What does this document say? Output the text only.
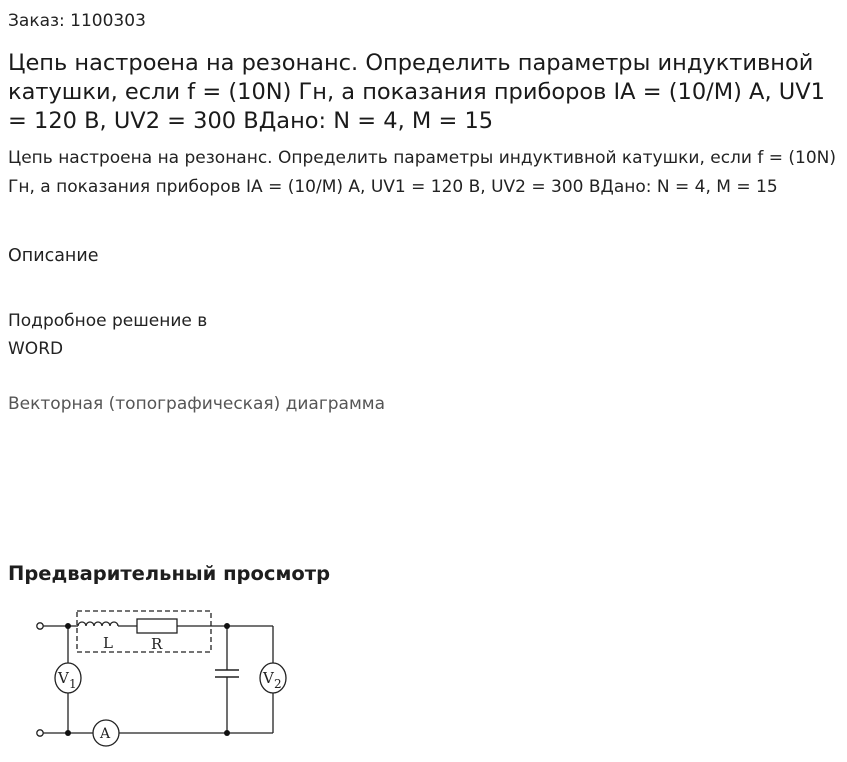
Заказ: 1100303
Цепь настроена на резонанс. Определить параметры индуктивной катушки, если f = (10N) Гн, а показания приборов IA = (10/M) А, UV1 = 120 В, UV2 = 300 ВДано: N = 4, M = 15
Цепь настроена на резонанс. Определить параметры индуктивной катушки, если f = (10N) Гн, а показания приборов IA = (10/M) А, UV1 = 120 В, UV2 = 300 ВДано: N = 4, M = 15
Описание
Подробное решение в WORD
Векторная (топографическая) диаграмма
Предварительный просмотр
L	R
V 1	V 2
A
